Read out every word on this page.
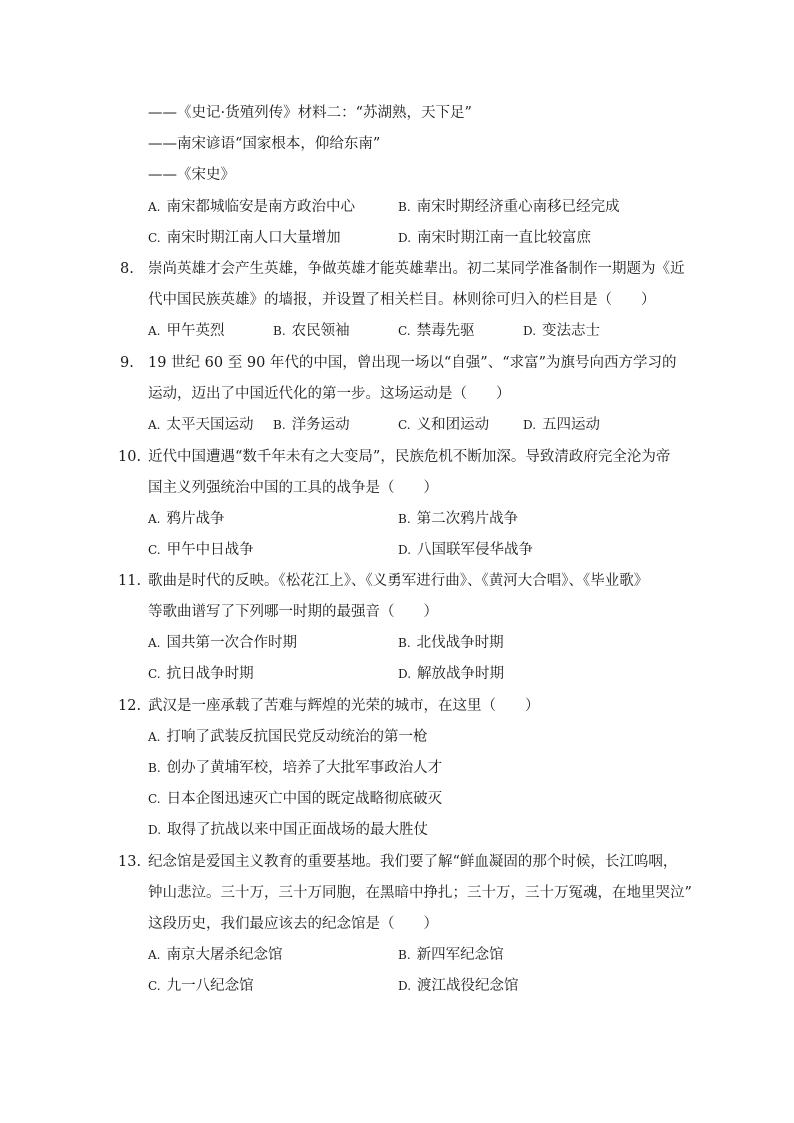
——《史记·货殖列传》材料二：“苏湖熟，天下足”
——南宋谚语“国家根本，仰给东南”
——《宋史》
A. 南宋都城临安是南方政治中心	B. 南宋时期经济重心南移已经完成
C. 南宋时期江南人口大量增加	D. 南宋时期江南一直比较富庶
8. 崇尚英雄才会产生英雄，争做英雄才能英雄辈出。初二某同学准备制作一期题为《近
代中国民族英雄》的墙报，并设置了相关栏目。林则徐可归入的栏目是（　　）
A. 甲午英烈	B. 农民领袖	C. 禁毒先驱	D. 变法志士
9. 19 世纪 60 至 90 年代的中国，曾出现一场以“自强”、“求富”为旗号向西方学习的
运动，迈出了中国近代化的第一步。这场运动是（　　）
A. 太平天国运动 B. 洋务运动	C. 义和团运动	D. 五四运动
10. 近代中国遭遇“数千年未有之大变局”，民族危机不断加深。导致清政府完全沦为帝
国主义列强统治中国的工具的战争是（　　）
A. 鸦片战争	B. 第二次鸦片战争
C. 甲午中日战争	D. 八国联军侵华战争
11. 歌曲是时代的反映。《松花江上》、《义勇军进行曲》、《黄河大合唱》、《毕业歌》
等歌曲谱写了下列哪一时期的最强音（　　）
A. 国共第一次合作时期	B. 北伐战争时期
C. 抗日战争时期	D. 解放战争时期
12. 武汉是一座承载了苦难与辉煌的光荣的城市，在这里（　　）
A. 打响了武装反抗国民党反动统治的第一枪
B. 创办了黄埔军校，培养了大批军事政治人才
C. 日本企图迅速灭亡中国的既定战略彻底破灭
D. 取得了抗战以来中国正面战场的最大胜仗
13. 纪念馆是爱国主义教育的重要基地。我们要了解“鲜血凝固的那个时候，长江呜咽，
钟山悲泣。三十万，三十万同胞，在黑暗中挣扎；三十万，三十万冤魂，在地里哭泣”
这段历史，我们最应该去的纪念馆是（　　）
A. 南京大屠杀纪念馆	B. 新四军纪念馆
C. 九一八纪念馆	D. 渡江战役纪念馆
